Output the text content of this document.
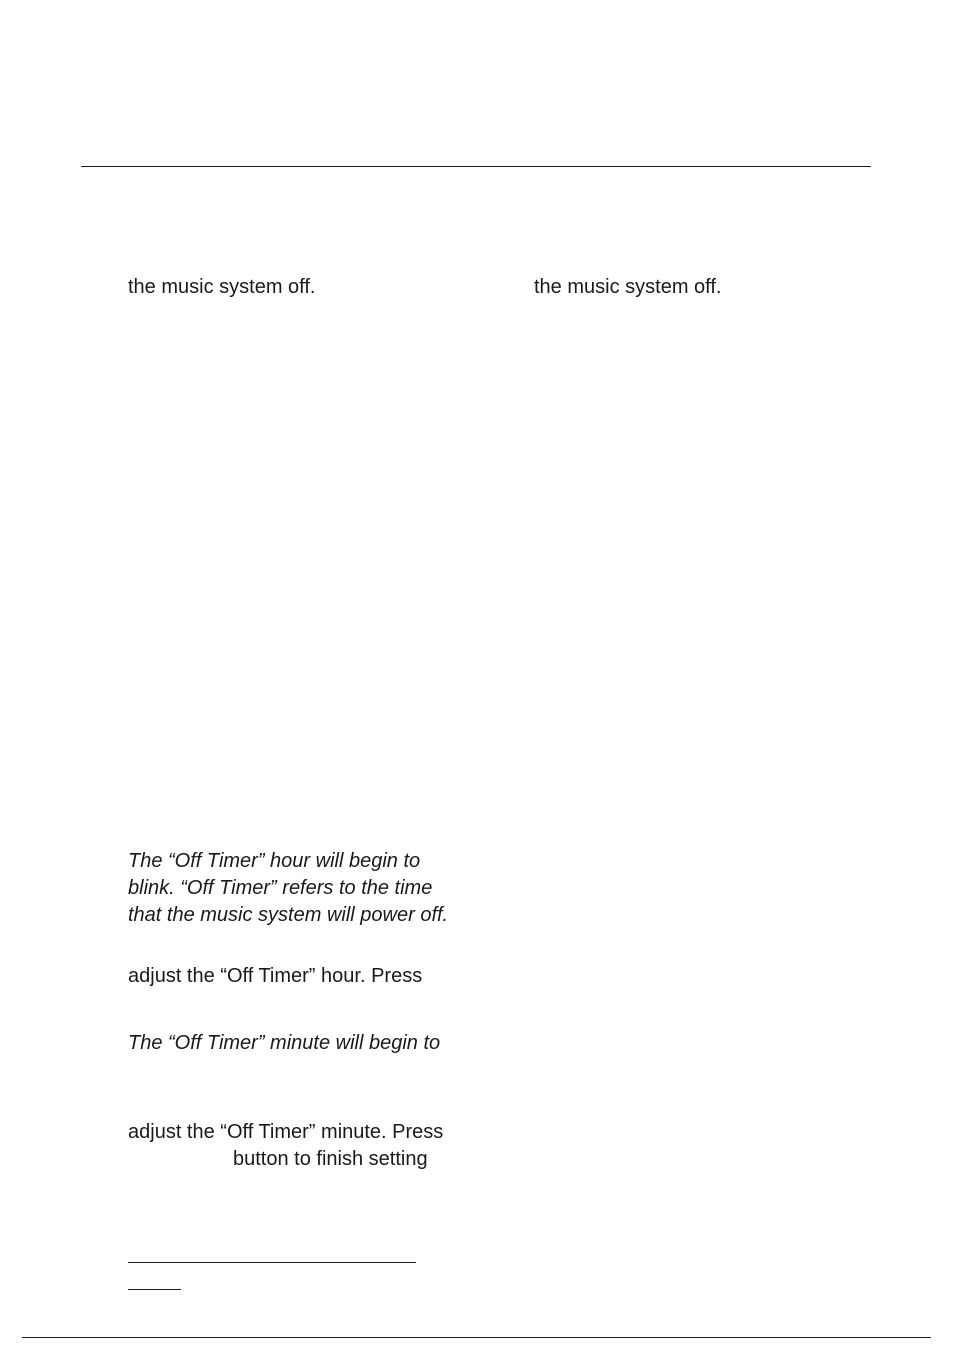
the music system off.	the music system off.
The “Off Timer” hour will begin to
blink. “Off Timer” refers to the time
that the music system will power off.
adjust the “Off Timer” hour. Press
The “Off Timer” minute will begin to
adjust the “Off Timer” minute. Press
button to finish setting
